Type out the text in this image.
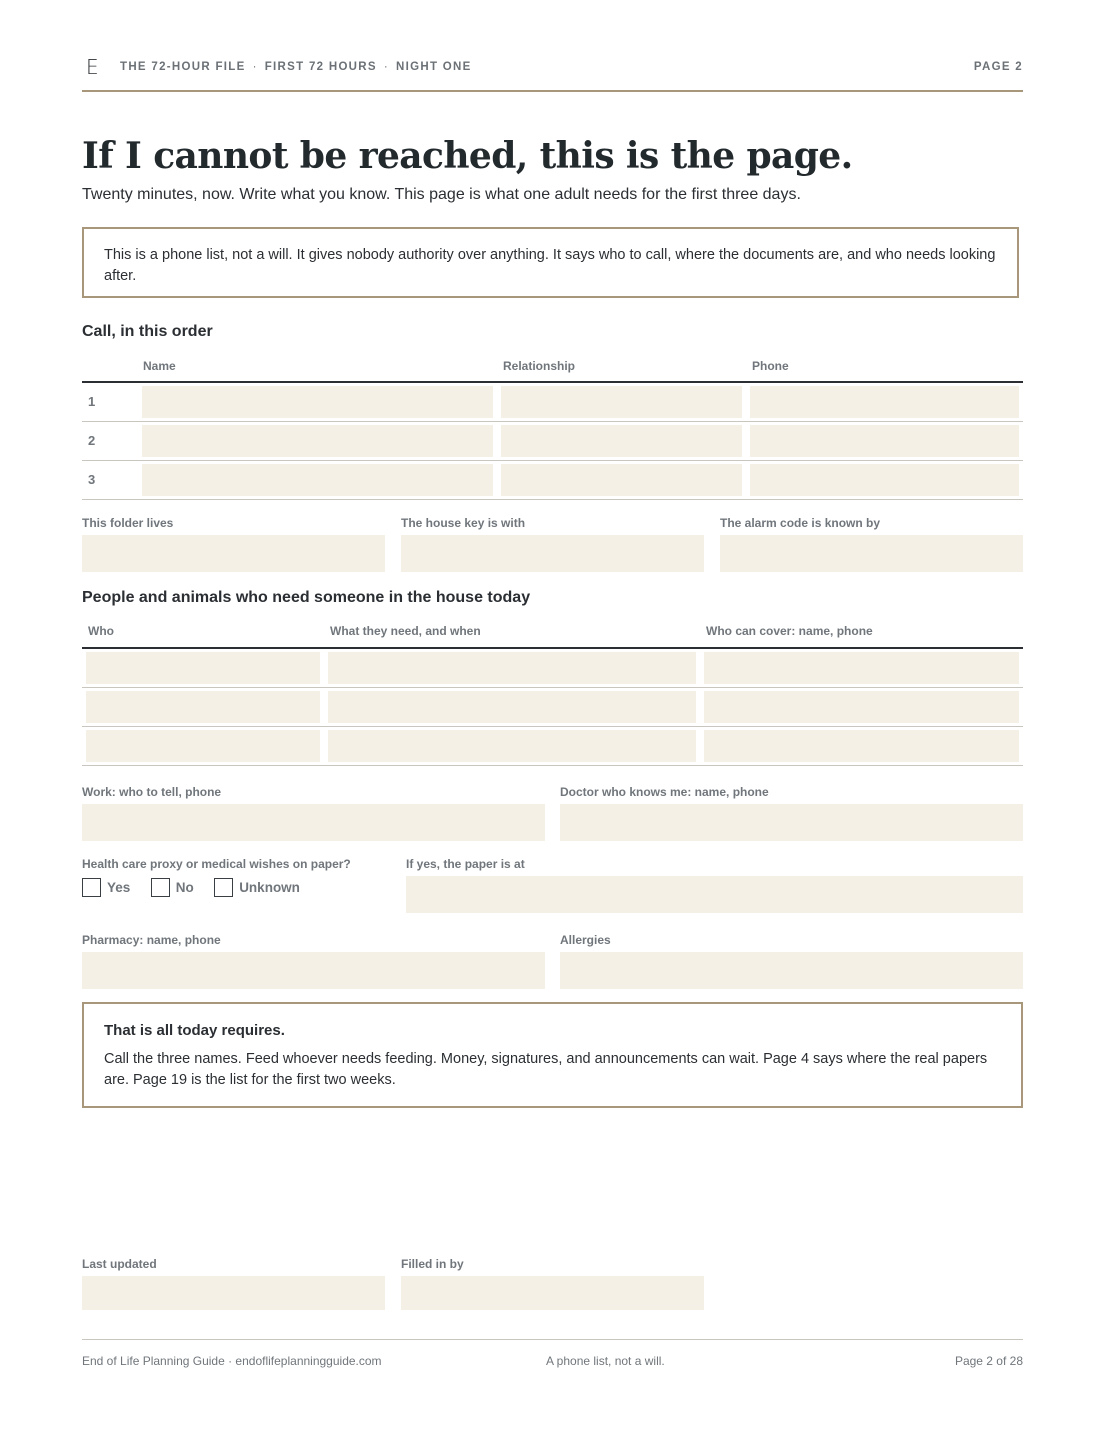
E THE 72-HOUR FILE · FIRST 72 HOURS · NIGHT ONE	PAGE 2
If I cannot be reached, this is the page.
Twenty minutes, now. Write what you know. This page is what one adult needs for the first three days.
This is a phone list, not a will. It gives nobody authority over anything. It says who to call, where the documents are, and who needs looking after.
Call, in this order
Name	Relationship	Phone
1
2
3
This folder lives	The house key is with	The alarm code is known by
People and animals who need someone in the house today
Who	What they need, and when	Who can cover: name, phone
Work: who to tell, phone	Doctor who knows me: name, phone
Health care proxy or medical wishes on paper?
Yes
	No
	Unknown
If yes, the paper is at
Pharmacy: name, phone	Allergies
That is all today requires.
Call the three names. Feed whoever needs feeding. Money, signatures, and announcements can wait. Page 4 says where the real papers are. Page 19 is the list for the first two weeks.
Last updated	Filled in by
End of Life Planning Guide · endoflifeplanningguide.com	A phone list, not a will.	Page 2 of 28
